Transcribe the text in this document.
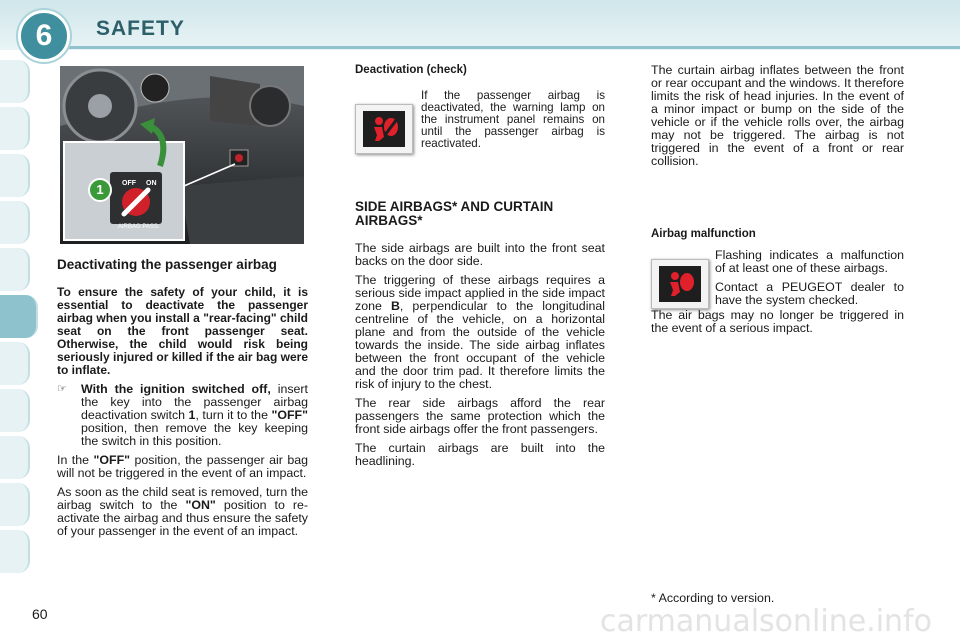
6	SAFETY
60
1	OFF ON
AIRBAG PASS.
Deactivating the passenger airbag

To ensure the safety of your child, it is essential to deactivate the passenger airbag when you install a "rear-facing" child seat on the front passenger seat. Otherwise, the child would risk being seriously injured or killed if the air bag were to inflate.

☞	With the ignition switched off, insert the key into the passenger airbag deactivation switch 1, turn it to the "OFF" position, then remove the key keeping the switch in this position.

In the "OFF" position, the passenger air bag will not be triggered in the event of an impact.

As soon as the child seat is removed, turn the airbag switch to the "ON" position to re-activate the airbag and thus ensure the safety of your passenger in the event of an impact.

Deactivation (check)

If the passenger airbag is deactivated, the warning lamp on the instrument panel remains on until the passenger airbag is reactivated.

SIDE AIRBAGS* AND CURTAIN AIRBAGS*

The side airbags are built into the front seat backs on the door side.

The triggering of these airbags requires a serious side impact applied in the side impact zone B, perpendicular to the longitudinal centreline of the vehicle, on a horizontal plane and from the outside of the vehicle towards the inside. The side airbag inflates between the front occupant of the vehicle and the door trim pad. It therefore limits the risk of injury to the chest.

The rear side airbags afford the rear passengers the same protection which the front side airbags offer the front passengers.

The curtain airbags are built into the headlining.

The curtain airbag inflates between the front or rear occupant and the windows. It therefore limits the risk of head injuries. In the event of a minor impact or bump on the side of the vehicle or if the vehicle rolls over, the airbag may not be triggered. The airbag is not triggered in the event of a front or rear collision.

Airbag malfunction

Flashing indicates a malfunction of at least one of these airbags.

Contact a PEUGEOT dealer to have the system checked.

The air bags may no longer be triggered in the event of a serious impact.

* According to version.
carmanualsonline.info
